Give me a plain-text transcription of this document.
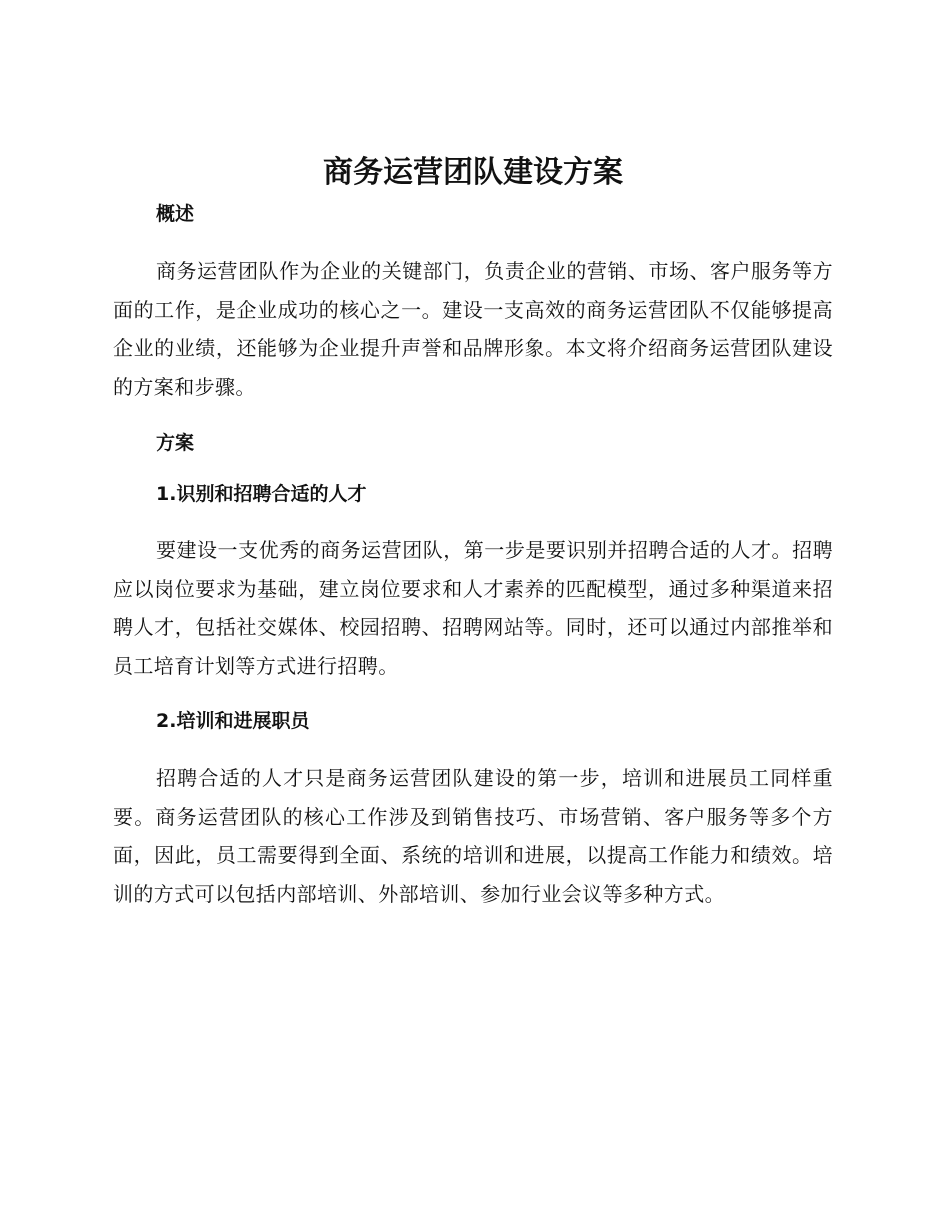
商务运营团队建设方案
概述

商务运营团队作为企业的关键部门，负责企业的营销、市场、客户服务等方面的工作，是企业成功的核心之一。建设一支高效的商务运营团队不仅能够提高企业的业绩，还能够为企业提升声誉和品牌形象。本文将介绍商务运营团队建设的方案和步骤。

方案
1.识别和招聘合适的人才

要建设一支优秀的商务运营团队，第一步是要识别并招聘合适的人才。招聘应以岗位要求为基础，建立岗位要求和人才素养的匹配模型，通过多种渠道来招聘人才，包括社交媒体、校园招聘、招聘网站等。同时，还可以通过内部推举和员工培育计划等方式进行招聘。

2.培训和进展职员

招聘合适的人才只是商务运营团队建设的第一步，培训和进展员工同样重要。商务运营团队的核心工作涉及到销售技巧、市场营销、客户服务等多个方面，因此，员工需要得到全面、系统的培训和进展，以提高工作能力和绩效。培训的方式可以包括内部培训、外部培训、参加行业会议等多种方式。
